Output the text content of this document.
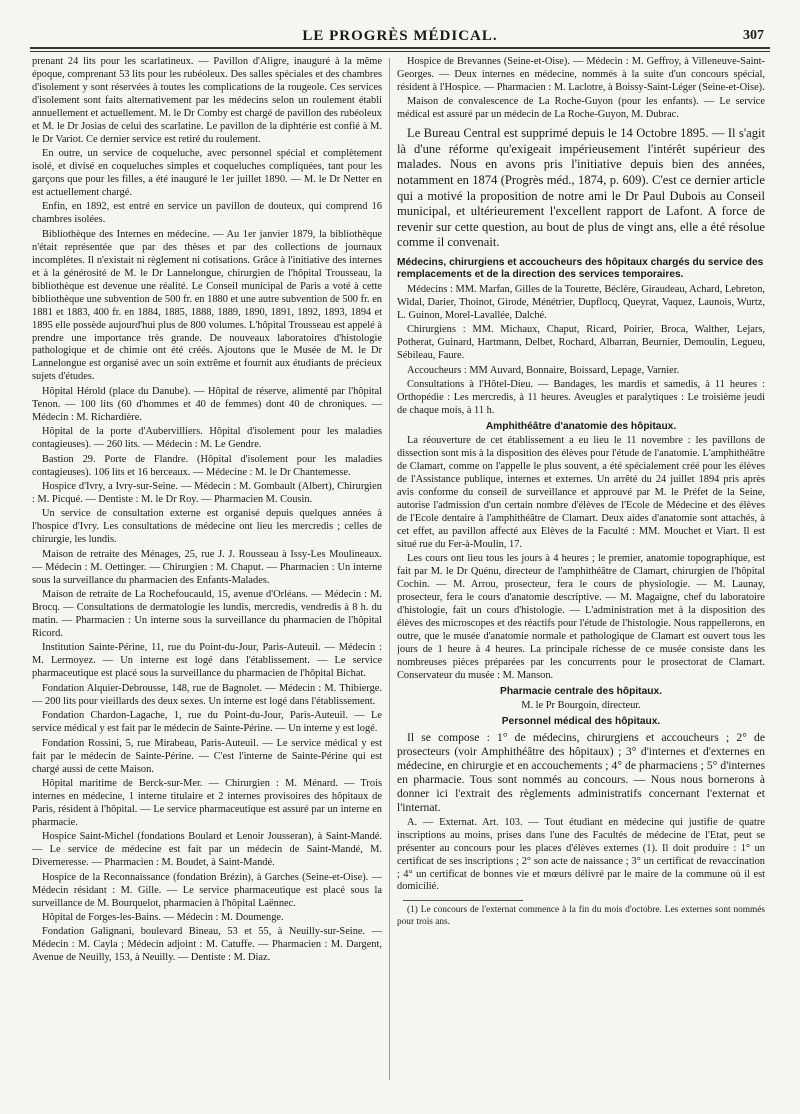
LE PROGRÈS MÉDICAL.	307

prenant 24 lits pour les scarlatineux. — Pavillon d'Aligre, inauguré à la même époque, comprenant 53 lits pour les rubéoleux. Des salles spéciales et des chambres d'isolement y sont réservées à toutes les complications de la rougeole. Ces services d'isolement sont faits alternativement par les médecins selon un roulement établi annuellement et actuellement. M. le Dr Comby est chargé de pavillon des rubéoleux et M. le Dr Josias de celui des scarlatine. Le pavillon de la diphtérie est confié à M. le Dr Variot. Ce dernier service est retiré du roulement.

En outre, un service de coqueluche, avec personnel spécial et complètement isolé, et divisé en coqueluches simples et coqueluches compliquées, tant pour les garçons que pour les filles, a été inauguré le 1er juillet 1890. — M. le Dr Netter en est actuellement chargé.

Enfin, en 1892, est entré en service un pavillon de douteux, qui comprend 16 chambres isolées.

Bibliothèque des Internes en médecine. — Au 1er janvier 1879, la bibliothèque n'était représentée que par des thèses et par des collections de journaux incomplètes. Il n'existait ni règlement ni cotisations. Grâce à l'initiative des internes et à la générosité de M. le Dr Lannelongue, chirurgien de l'hôpital Trousseau, la bibliothèque est devenue une réalité. Le Conseil municipal de Paris a voté à cette bibliothèque une subvention de 500 fr. en 1880 et une autre subvention de 500 fr. en 1881 et 1883, 400 fr. en 1884, 1885, 1888, 1889, 1890, 1891, 1892, 1893, 1894 et 1895 elle possède aujourd'hui plus de 800 volumes. L'hôpital Trousseau est appelé à prendre une importance très grande. De nouveaux laboratoires d'histologie pathologique et de chimie ont été créés. Ajoutons que le Musée de M. le Dr Lannelongue est organisé avec un soin extrême et fournit aux étudiants de précieux sujets d'études.

Hôpital Hérold (place du Danube). — Hôpital de réserve, alimenté par l'hôpital Tenon. — 100 lits (60 d'hommes et 40 de femmes) dont 40 de chroniques. — Médecin : M. Richardière.

Hôpital de la porte d'Aubervilliers. Hôpital d'isolement pour les maladies contagieuses). — 260 lits. — Médecin : M. Le Gendre.

Bastion 29. Porte de Flandre. (Hôpital d'isolement pour les maladies contagieuses). 106 lits et 16 berceaux. — Médecine : M. le Dr Chantemesse.

Hospice d'Ivry, a Ivry-sur-Seine. — Médecin : M. Gombault (Albert), Chirurgien : M. Picqué. — Dentiste : M. le Dr Roy. — Pharmacien M. Cousin.

Un service de consultation externe est organisé depuis quelques années à l'hospice d'Ivry. Les consultations de médecine ont lieu les mercredis ; celles de chirurgie, les lundis.

Maison de retraite des Ménages, 25, rue J. J. Rousseau à Issy-Les Moulineaux. — Médecin : M. Oettinger. — Chirurgien : M. Chaput. — Pharmacien : Un interne sous la surveillance du pharmacien des Enfants-Malades.

Maison de retraite de La Rochefoucauld, 15, avenue d'Orléans. — Médecin : M. Brocq. — Consultations de dermatologie les lundis, mercredis, vendredis à 8 h. du matin. — Pharmacien : Un interne sous la surveillance du pharmacien de l'hôpital Ricord.

Institution Sainte-Périne, 11, rue du Point-du-Jour, Paris-Auteuil. — Médecin : M. Lermoyez. — Un interne est logé dans l'établissement. — Le service pharmaceutique est placé sous la surveillance du pharmacien de l'hôpital Bichat.

Fondation Alquier-Debrousse, 148, rue de Bagnolet. — Médecin : M. Thibierge. — 200 lits pour vieillards des deux sexes. Un interne est logé dans l'établissement.

Fondation Chardon-Lagache, 1, rue du Point-du-Jour, Paris-Auteuil. — Le service médical y est fait par le médecin de Sainte-Périne. — Un interne y est logé.

Fondation Rossini, 5, rue Mirabeau, Paris-Auteuil. — Le service médical y est fait par le médecin de Sainte-Périne. — C'est l'interne de Sainte-Périne qui est chargé aussi de cette Maison.

Hôpital maritime de Berck-sur-Mer. — Chirurgien : M. Ménard. — Trois internes en médecine, 1 interne titulaire et 2 internes provisoires des hôpitaux de Paris, résident à l'hôpital. — Le service pharmaceutique est assuré par un interne en pharmacie.

Hospice Saint-Michel (fondations Boulard et Lenoir Jousseran), à Saint-Mandé. — Le service de médecine est fait par un médecin de Saint-Mandé, M. Diverneresse. — Pharmacien : M. Boudet, à Saint-Mandé.

Hospice de la Reconnaissance (fondation Brézin), à Garches (Seine-et-Oise). — Médecin résidant : M. Gille. — Le service pharmaceutique est placé sous la surveillance de M. Bourquelot, pharmacien à l'hôpital Laënnec.

Hôpital de Forges-les-Bains. — Médecin : M. Doumenge.

Fondation Galignani, boulevard Bineau, 53 et 55, à Neuilly-sur-Seine. — Médecin : M. Cayla ; Médecin adjoint : M. Catuffe. — Pharmacien : M. Dargent, Avenue de Neuilly, 153, à Neuilly. — Dentiste : M. Diaz.

Hospice de Brevannes (Seine-et-Oise). — Médecin : M. Geffroy, à Villeneuve-Saint-Georges. — Deux internes en médecine, nommés à la suite d'un concours spécial, résident à l'Hospice. — Pharmacien : M. Laclotre, à Boissy-Saint-Léger (Seine-et-Oise).

Maison de convalescence de La Roche-Guyon (pour les enfants). — Le service médical est assuré par un médecin de La Roche-Guyon, M. Dubrac.

Le Bureau Central est supprimé depuis le 14 Octobre 1895. — Il s'agit là d'une réforme qu'exigeait impérieusement l'intérêt supérieur des malades. Nous en avons pris l'initiative depuis bien des années, notamment en 1874 (Progrès méd., 1874, p. 609). C'est ce dernier article qui a motivé la proposition de notre ami le Dr Paul Dubois au Conseil municipal, et ultérieurement l'excellent rapport de Lafont. A force de revenir sur cette question, au bout de plus de vingt ans, elle a été résolue comme il convenait.

Médecins, chirurgiens et accoucheurs des hôpitaux chargés du service des remplacements et de la direction des services temporaires.

Médecins : MM. Marfan, Gilles de la Tourette, Béclère, Giraudeau, Achard, Lebreton, Widal, Darier, Thoinot, Girode, Ménétrier, Dupflocq, Queyrat, Vaquez, Launois, Wurtz, L. Guinon, Morel-Lavallée, Dalché.

Chirurgiens : MM. Michaux, Chaput, Ricard, Poirier, Broca, Walther, Lejars, Potherat, Guinard, Hartmann, Delbet, Rochard, Albarran, Beurnier, Demoulin, Legueu, Sébileau, Faure.

Accoucheurs : MM Auvard, Bonnaire, Boissard, Lepage, Varnier.

Consultations à l'Hôtel-Dieu. — Bandages, les mardis et samedis, à 11 heures : Orthopédie : Les mercredis, à 11 heures. Aveugles et paralytiques : Le troisième jeudi de chaque mois, à 11 h.

Amphithéâtre d'anatomie des hôpitaux.

La réouverture de cet établissement a eu lieu le 11 novembre : les pavillons de dissection sont mis à la disposition des élèves pour l'étude de l'anatomie. L'amphithéâtre de Clamart, comme on l'appelle le plus souvent, a été spécialement créé pour les élèves de l'Assistance publique, internes et externes. Un arrêté du 24 juillet 1894 pris après avis conforme du conseil de surveillance et approuvé par M. le Préfet de la Seine, autorise l'admission d'un certain nombre d'élèves de l'Ecole de Médecine et des élèves de l'Ecole dentaire à l'amphithéâtre de Clamart. Deux aides d'anatomie sont attachés, à cet effet, au pavillon affecté aux Elèves de la Faculté : MM. Mouchet et Viart. Il est situé rue du Fer-à-Moulin, 17.

Les cours ont lieu tous les jours à 4 heures ; le premier, anatomie topographique, est fait par M. le Dr Quénu, directeur de l'amphithéâtre de Clamart, chirurgien de l'hôpital Cochin. — M. Arrou, prosecteur, fera le cours de physiologie. — M. Launay, prosecteur, fera le cours d'anatomie descriptive. — M. Magaigne, chef du laboratoire d'histologie, fait un cours d'histologie. — L'administration met à la disposition des élèves des microscopes et des réactifs pour l'étude de l'histologie. Nous rappellerons, en outre, que le musée d'anatomie normale et pathologique de Clamart est ouvert tous les jours de 1 heure à 4 heures. La principale richesse de ce musée consiste dans les nombreuses pièces préparées par les concurrents pour le prosectorat de Clamart. Conservateur du musée : M. Manson.

Pharmacie centrale des hôpitaux.

M. le Pr Bourgoin, directeur.

Personnel médical des hôpitaux.

Il se compose : 1° de médecins, chirurgiens et accoucheurs ; 2° de prosecteurs (voir Amphithéâtre des hôpitaux) ; 3° d'internes et d'externes en médecine, en chirurgie et en accouchements ; 4° de pharmaciens ; 5° d'internes en pharmacie. Tous sont nommés au concours. — Nous nous bornerons à donner ici l'extrait des règlements administratifs concernant l'externat et l'internat.

A. — Externat. Art. 103. — Tout étudiant en médecine qui justifie de quatre inscriptions au moins, prises dans l'une des Facultés de médecine de l'Etat, peut se présenter au concours pour les places d'élèves externes (1). Il doit produire : 1° un certificat de ses inscriptions ; 2° son acte de naissance ; 3° un certificat de revaccination ; 4° un certificat de bonnes vie et mœurs délivré par le maire de la commune où il est domicilié.

(1) Le concours de l'externat commence à la fin du mois d'octobre. Les externes sont nommés pour trois ans.
